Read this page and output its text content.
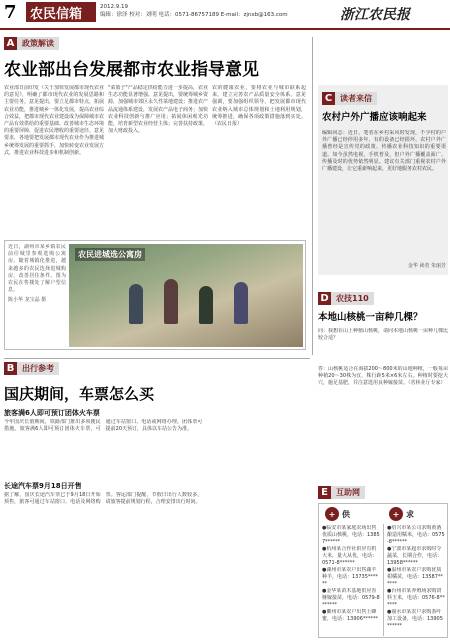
7 农民信箱	2012.9.19
编辑：徐泽 校对：刘明 电话：0571-86757189 E-mail：zjnxb@163.com	浙江农民报
A 政策解读
农业部出台发展都市农业指导意见
农业部日前印发《关于加快发展都市现代农业的意见》，明确了都市现代农业的发展思路和主要任务。意见提出，要立足都市特点，拓展农业功能，推进城乡一体化发展，提高农业综合效益，把都市现代农业建设成为保障城市农产品有效供给的重要基础、改善城市生态环境的重要屏障、促进农民增收的重要途径。意见要求，各地要把发展都市现代农业作为推进城乡统筹发展的重要抓手，加快转变农业发展方式，推进农业科技进步和机制创新。
"菜篮子"产品稳定供给能力进一步提高，农业生态功能显著增强。意见提出，要统筹城乡资源，加强城市郊区永久性菜地建设；推进农产品流通体系建设，发展农产品电子商务；加快农业科技创新与推广应用；拓展休闲观光功能，培育新型农业经营主体；完善扶持政策，加大财政投入。
农的健康农业，要将农业与城市联系起来，建立完善农产品质量安全体系。意见强调，要加强组织领导，把发展都市现代农业纳入城市总体规划和土地利用规划，统筹推进，确保各项政策措施落到实处。（农民日报）
近日，湖州市某乡镇农民前往城里参观选购公寓房。随着城镇化推进，越来越多的农民选择进城购房，改善居住条件。图为农民在售楼处了解户型信息。
陈小华 龙宝晶 摄
农民进城选公寓房
C 读者来信
农村户外广播应该响起来
编辑同志：近日，笔者在乡村采风时发现，不少村的户外广播已经停用多年，有的设备已经损坏。农村户外广播曾经是宣传党的政策、传播农业科技知识的重要渠道。如今虽然电视、手机普及，但户外广播覆盖面广、传播及时的优势依然明显。建议有关部门重视农村户外广播建设，让它重新响起来，更好地服务农村农民。
金华 读者 朱丽芳
D 农技110
本地山核桃一亩种几棵？
问：我想在山上种植山核桃，请问本地山核桃一亩种几棵比较合适？
答：山核桃适合在海拔200～800米的山地种植，一般每亩种植20～30株为宜，株行距5米×6米左右。种植时要挖大穴，施足基肥，并注意选用良种嫁接苗。（省林业厅专家）
B 出行参考
国庆期间，车票怎么买
旅客满6人即可预订团体火车票
今年国庆长假期间，铁路部门推出多项便民措施。旅客满6人即可预订团体火车票，可通过车站窗口、电话或网络办理。团体票可提前20天预订，具体以车站公告为准。
长途汽车票9月18日开售
据了解，国庆长途汽车票已于9月18日开始预售，旅客可通过车站窗口、电话及网络购票。客运部门提醒，节假日出行人数较多，请旅客提前规划行程，合理安排出行时间。
E	互助网
+ 供	+ 求
●临安市某家庭农场出售优质山核桃，电话：13857******
●杭州某合作社供应有机大米，量大从优，电话：0571-8******
●湖州市某农户出售湖羊种羊，电话：13735******
●金华某苗木基地供应香榧嫁接苗，电话：0579-8******
●衢州市某农户出售土蜂蜜，电话：13906******
●绍兴市某公司求购黄酒酿造用糯米，电话：0575-8******
●宁波市某超市求购时令蔬菜，长期合作，电话：13958******
●温州市某农户求购优质柑橘苗，电话：13587******
●台州市某养殖场求购饲料玉米，电话：0576-8******
●丽水市某农户求购茶叶加工设备，电话：13905******
